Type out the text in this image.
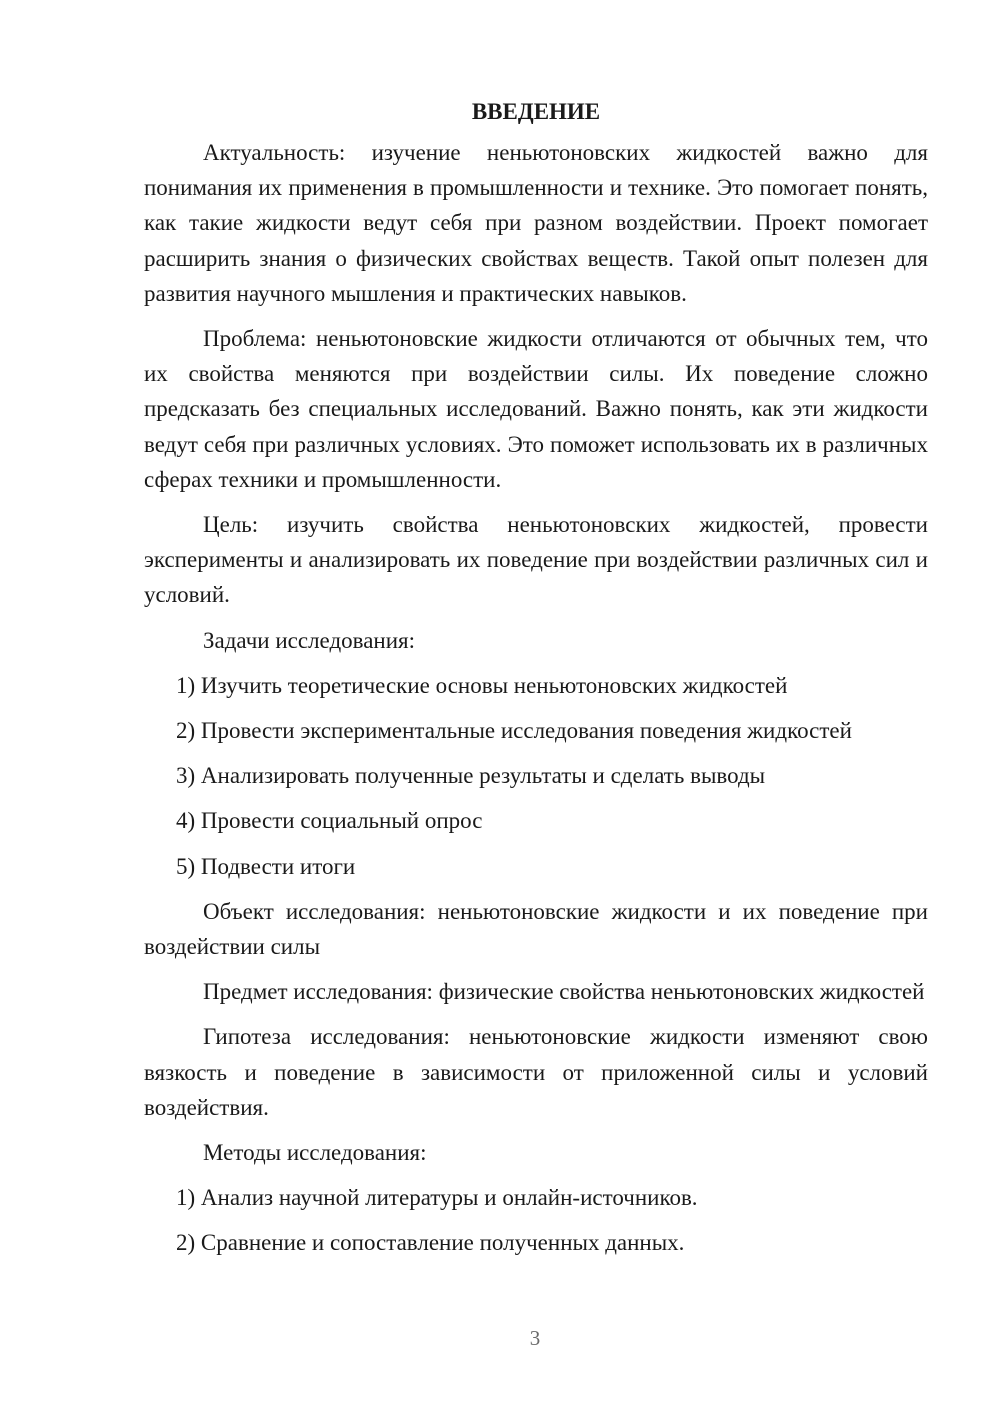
ВВЕДЕНИЕ

Актуальность: изучение неньютоновских жидкостей важно для понимания их применения в промышленности и технике. Это помогает понять, как такие жидкости ведут себя при разном воздействии. Проект помогает расширить знания о физических свойствах веществ. Такой опыт полезен для развития научного мышления и практических навыков.

Проблема: неньютоновские жидкости отличаются от обычных тем, что их свойства меняются при воздействии силы. Их поведение сложно предсказать без специальных исследований. Важно понять, как эти жидкости ведут себя при различных условиях. Это поможет использовать их в различных сферах техники и промышленности.

Цель: изучить свойства неньютоновских жидкостей, провести эксперименты и анализировать их поведение при воздействии различных сил и условий.

Задачи исследования:

1) Изучить теоретические основы неньютоновских жидкостей
2) Провести экспериментальные исследования поведения жидкостей
3) Анализировать полученные результаты и сделать выводы
4) Провести социальный опрос
5) Подвести итоги

Объект исследования: неньютоновские жидкости и их поведение при воздействии силы

Предмет исследования: физические свойства неньютоновских жидкостей

Гипотеза исследования: неньютоновские жидкости изменяют свою вязкость и поведение в зависимости от приложенной силы и условий воздействия.

Методы исследования:

1) Анализ научной литературы и онлайн-источников.
2) Сравнение и сопоставление полученных данных.
3
